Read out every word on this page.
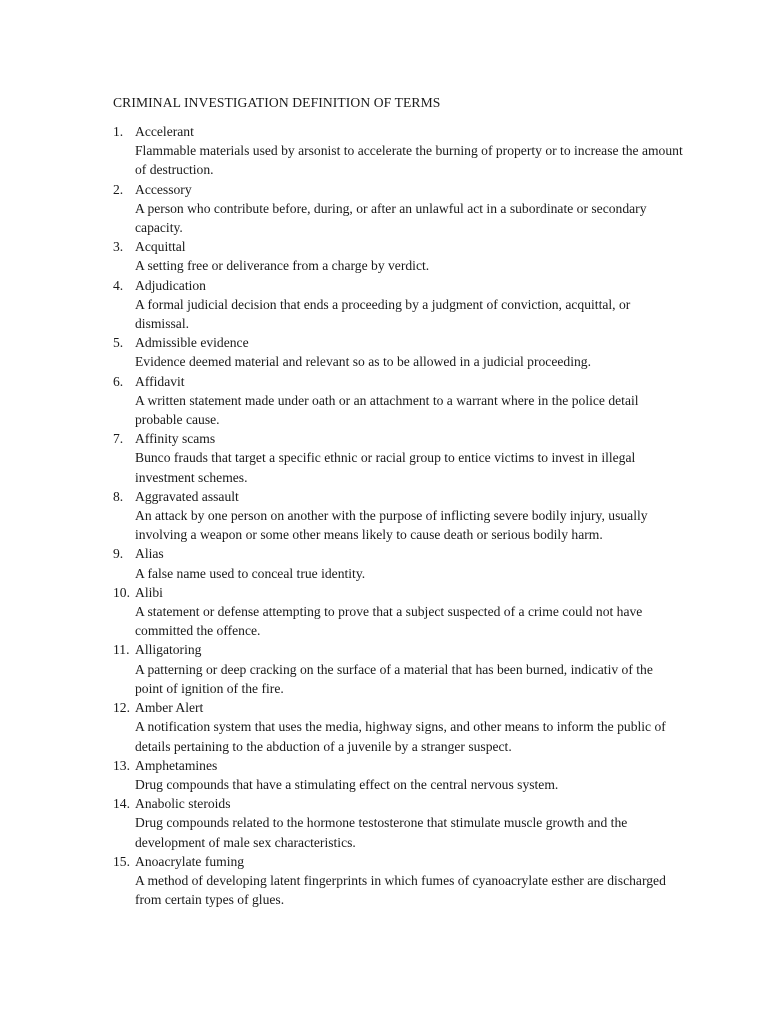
CRIMINAL INVESTIGATION DEFINITION OF TERMS
1. Accelerant
Flammable materials used by arsonist to accelerate the burning of property or to increase the amount of destruction.
2. Accessory
A person who contribute before, during, or after an unlawful act in a subordinate or secondary capacity.
3. Acquittal
A setting free or deliverance from a charge by verdict.
4. Adjudication
A formal judicial decision that ends a proceeding by a judgment of conviction, acquittal, or dismissal.
5. Admissible evidence
Evidence deemed material and relevant so as to be allowed in a judicial proceeding.
6. Affidavit
A written statement made under oath or an attachment to a warrant where in the police detail probable cause.
7. Affinity scams
Bunco frauds that target a specific ethnic or racial group to entice victims to invest in illegal investment schemes.
8. Aggravated assault
An attack by one person on another with the purpose of inflicting severe bodily injury, usually involving a weapon or some other means likely to cause death or serious bodily harm.
9. Alias
A false name used to conceal true identity.
10. Alibi
A statement or defense attempting to prove that a subject suspected of a crime could not have committed the offence.
11. Alligatoring
A patterning or deep cracking on the surface of a material that has been burned, indicativ of the point of ignition of the fire.
12. Amber Alert
A notification system that uses the media, highway signs, and other means to inform the public of details pertaining to the abduction of a juvenile by a stranger suspect.
13. Amphetamines
Drug compounds that have a stimulating effect on the central nervous system.
14. Anabolic steroids
Drug compounds related to the hormone testosterone that stimulate muscle growth and the development of male sex characteristics.
15. Anoacrylate fuming
A method of developing latent fingerprints in which fumes of cyanoacrylate esther are discharged from certain types of glues.
